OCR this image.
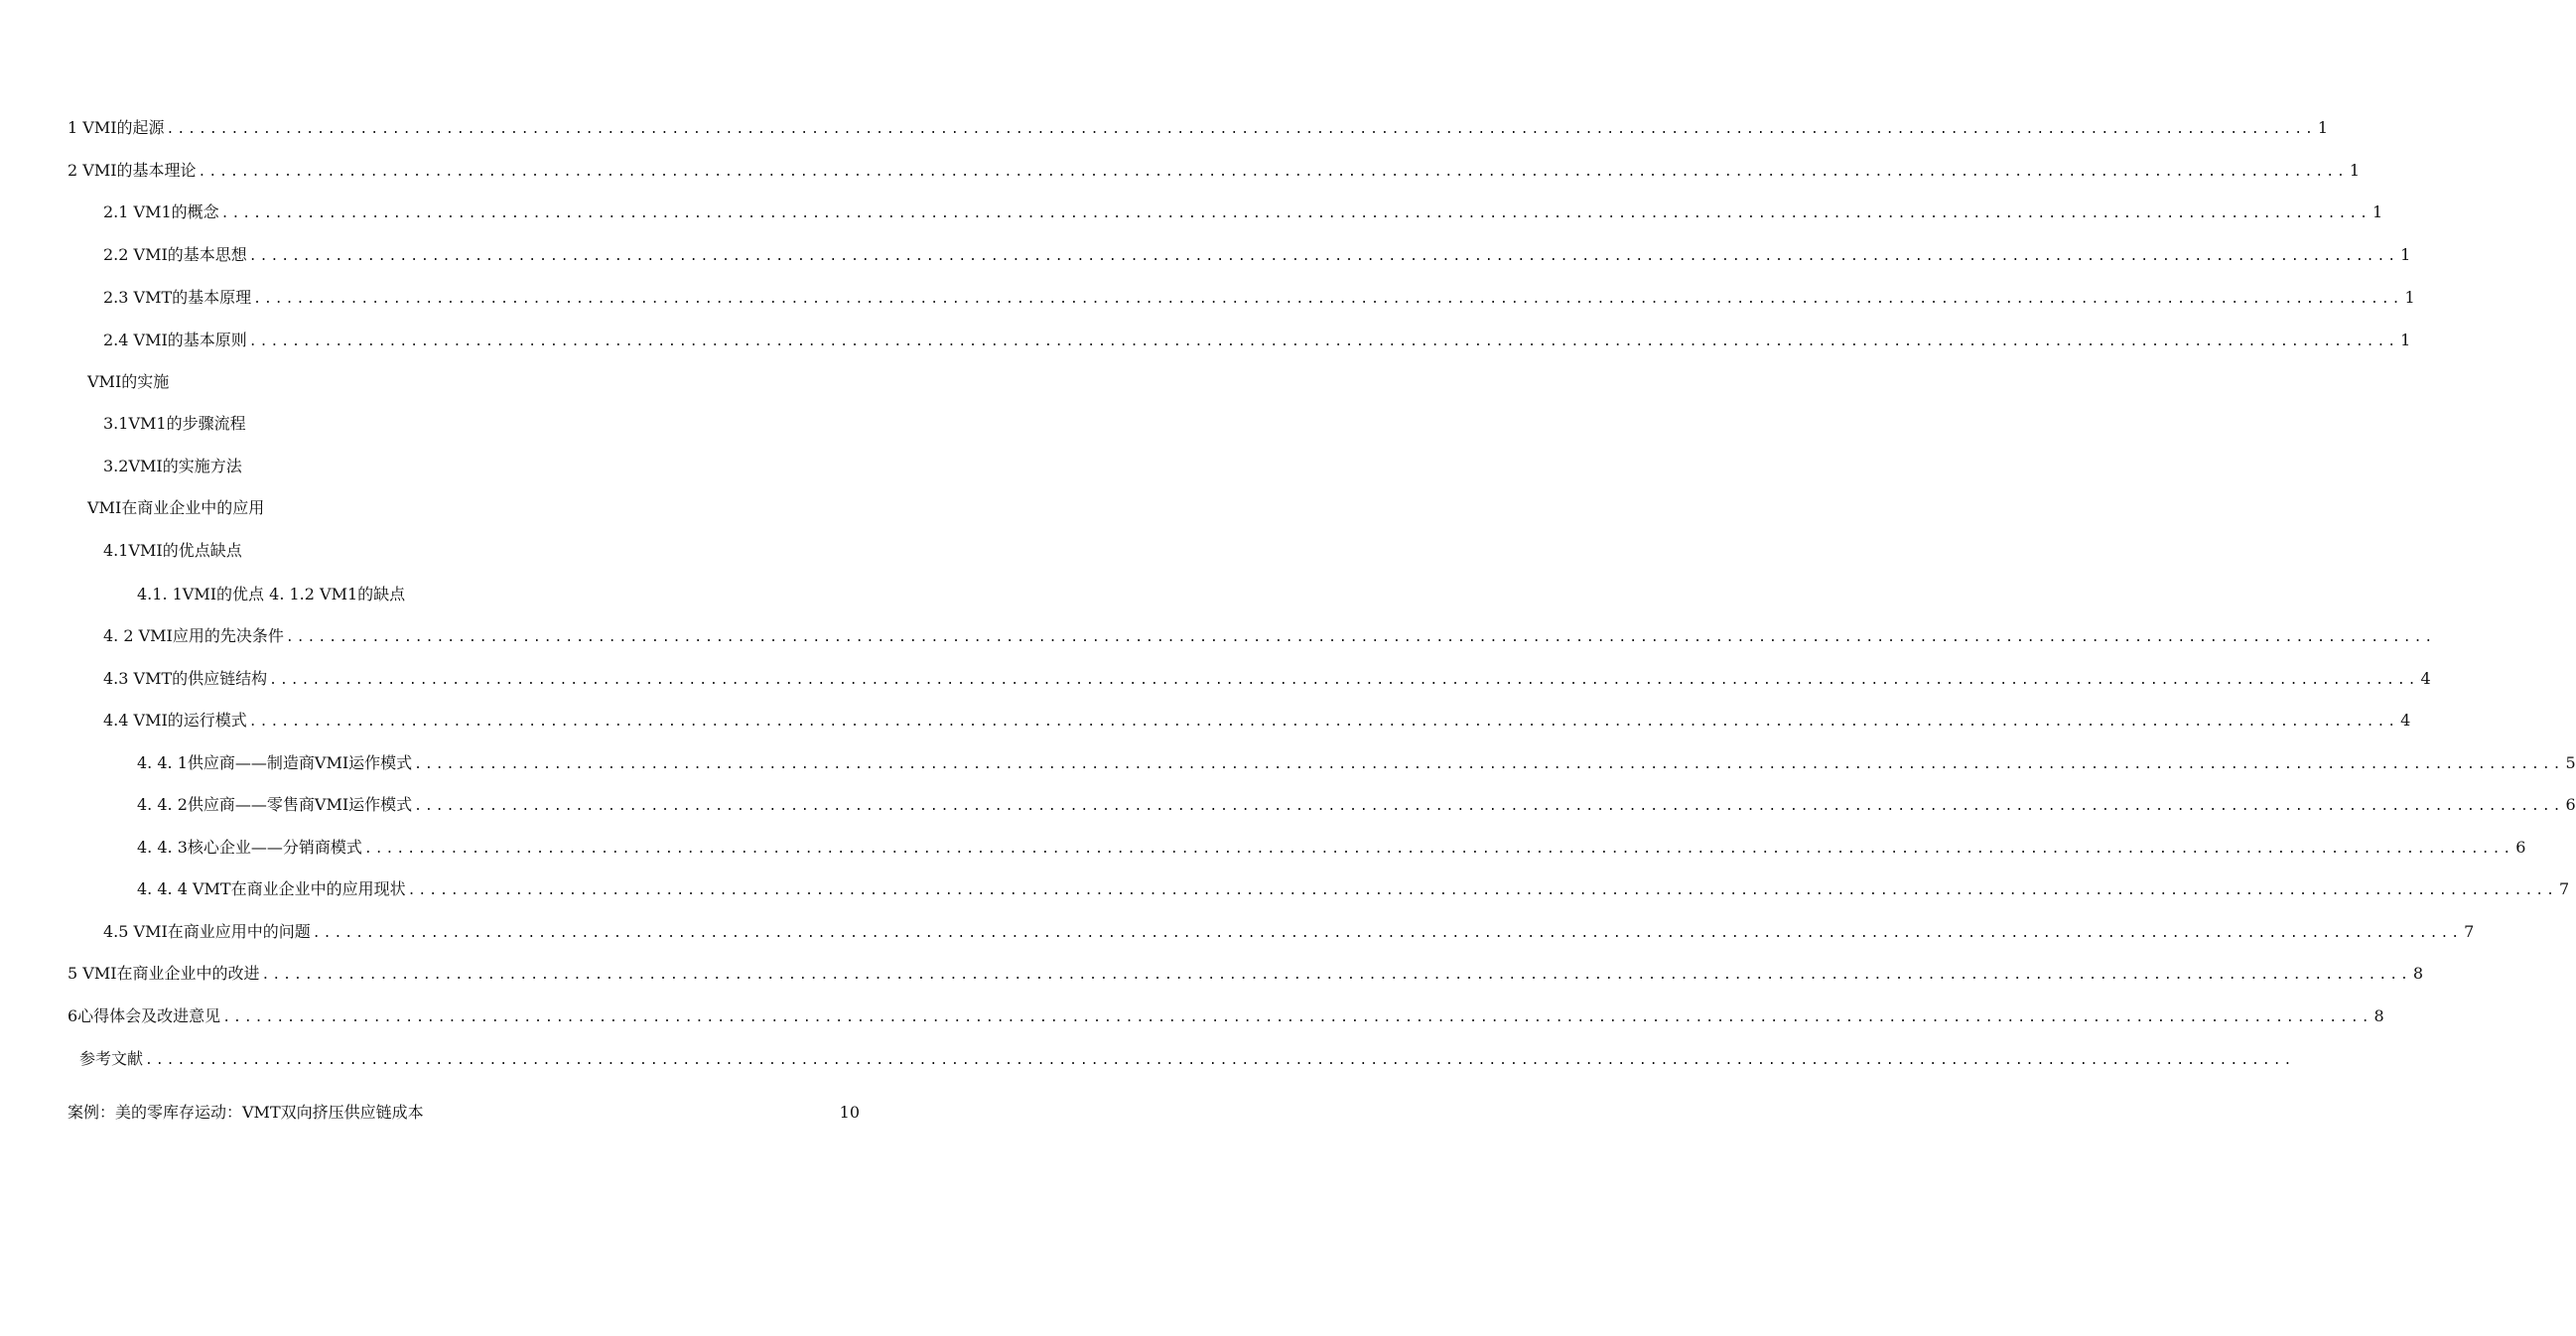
1 VMI的起源 ........................................................................................................................................................................................................ 1
2 VMI的基本理论 ........................................................................................................................................................................................................ 1
2.1 VM1的概念 ........................................................................................................................................................................................................ 1
2.2 VMI的基本思想 ........................................................................................................................................................................................................ 1
2.3 VMT的基本原理 ........................................................................................................................................................................................................ 1
2.4 VMI的基本原则 ........................................................................................................................................................................................................ 1
VMI的实施
3.1VM1的步骤流程
3.2VMI的实施方法
VMI在商业企业中的应用
4.1VMI的优点缺点
4.1. 1VMI的优点 4. 1.2 VM1的缺点
4. 2 VMI应用的先决条件 ........................................................................................................................................................................................................
4.3 VMT的供应链结构 ........................................................................................................................................................................................................ 4
4.4 VMI的运行模式 ........................................................................................................................................................................................................ 4
4. 4. 1供应商——制造商VMI运作模式 ........................................................................................................................................................................................................ 5
4. 4. 2供应商——零售商VMI运作模式 ........................................................................................................................................................................................................ 6
4. 4. 3核心企业——分销商模式 ........................................................................................................................................................................................................ 6
4. 4. 4 VMT在商业企业中的应用现状 ........................................................................................................................................................................................................ 7
4.5 VMI在商业应用中的问题 ........................................................................................................................................................................................................ 7
5 VMI在商业企业中的改进 ........................................................................................................................................................................................................ 8
6心得体会及改进意见 ........................................................................................................................................................................................................ 8
参考文献 ........................................................................................................................................................................................................
案例：美的零库存运动：VMT双向挤压供应链成本	10
